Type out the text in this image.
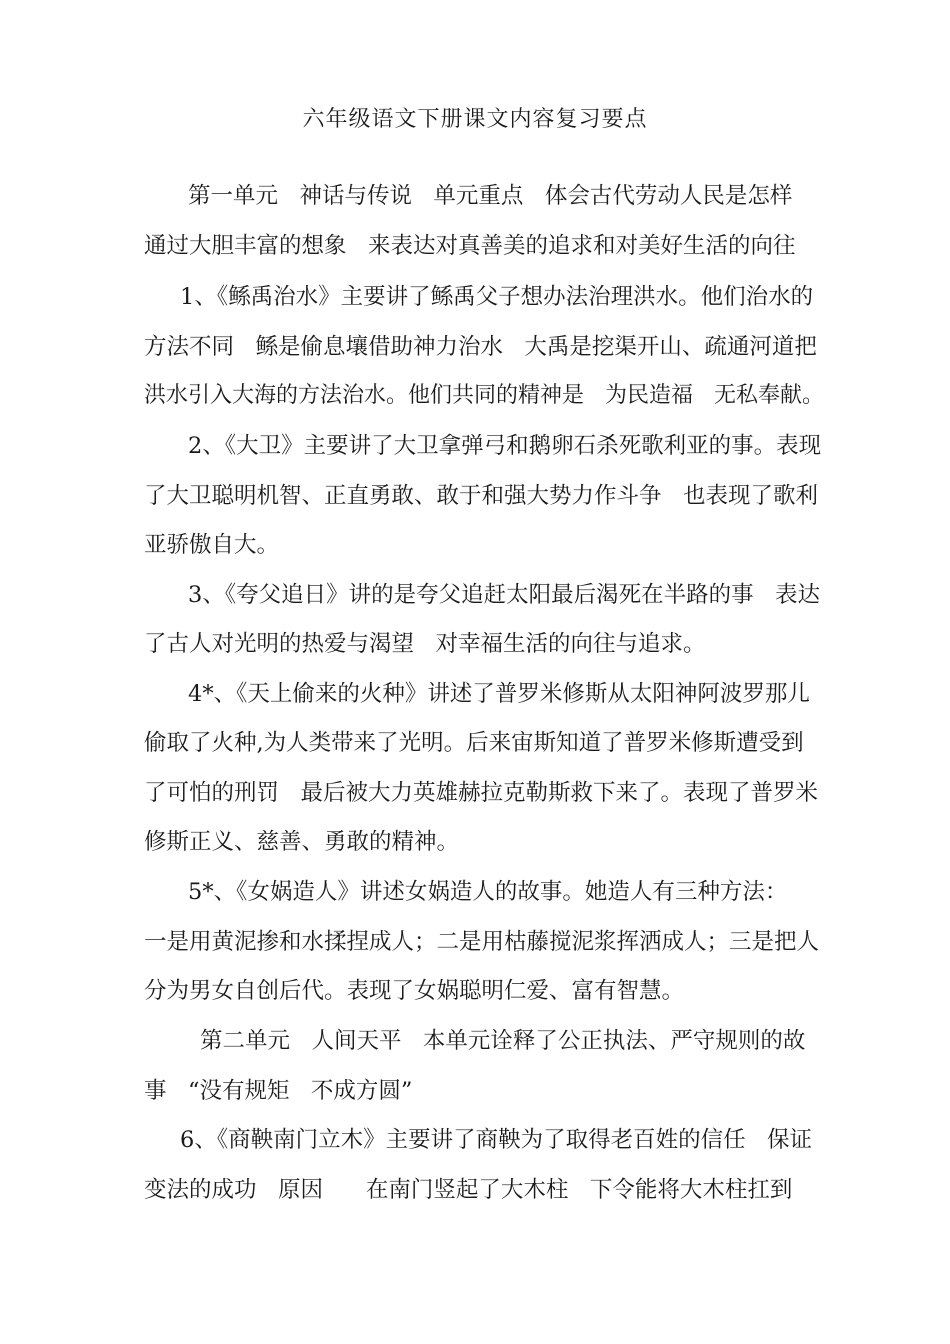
六年级语文下册课文内容复习要点
第一单元   神话与传说   单元重点   体会古代劳动人民是怎样
通过大胆丰富的想象   来表达对真善美的追求和对美好生活的向往
1、《鲧禹治水》主要讲了鲧禹父子想办法治理洪水。他们治水的
方法不同   鲧是偷息壤借助神力治水   大禹是挖渠开山、疏通河道把
洪水引入大海的方法治水。他们共同的精神是   为民造福   无私奉献。
2、《大卫》主要讲了大卫拿弹弓和鹅卵石杀死歌利亚的事。表现
了大卫聪明机智、正直勇敢、敢于和强大势力作斗争   也表现了歌利
亚骄傲自大。
3、《夸父追日》讲的是夸父追赶太阳最后渴死在半路的事   表达
了古人对光明的热爱与渴望   对幸福生活的向往与追求。
4*、《天上偷来的火种》讲述了普罗米修斯从太阳神阿波罗那儿
偷取了火种,为人类带来了光明。后来宙斯知道了普罗米修斯遭受到
了可怕的刑罚   最后被大力英雄赫拉克勒斯救下来了。表现了普罗米
修斯正义、慈善、勇敢的精神。
5*、《女娲造人》讲述女娲造人的故事。她造人有三种方法：
一是用黄泥掺和水揉捏成人；二是用枯藤搅泥浆挥洒成人；三是把人
分为男女自创后代。表现了女娲聪明仁爱、富有智慧。
第二单元   人间天平   本单元诠释了公正执法、严守规则的故
事   “没有规矩   不成方圆”
6、《商鞅南门立木》主要讲了商鞅为了取得老百姓的信任   保证
变法的成功   原因      在南门竖起了大木柱   下令能将大木柱扛到
